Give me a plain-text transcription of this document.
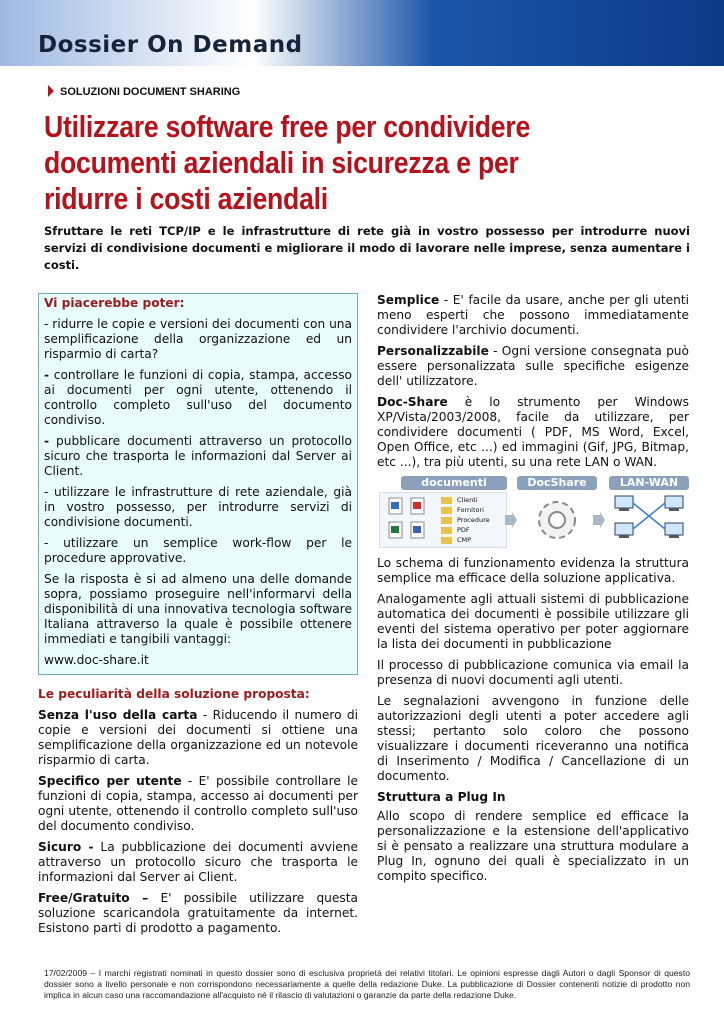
Dossier On Demand
SOLUZIONI DOCUMENT SHARING
Utilizzare software free per condividere documenti aziendali in sicurezza e per ridurre i costi aziendali

Sfruttare le reti TCP/IP e le infrastrutture di rete già in vostro possesso per introdurre nuovi servizi di condivisione documenti e migliorare il modo di lavorare nelle imprese, senza aumentare i costi.

Vi piacerebbe poter:

- ridurre le copie e versioni dei documenti con una semplificazione della organizzazione ed un risparmio di carta?

- controllare le funzioni di copia, stampa, accesso ai documenti per ogni utente, ottenendo il controllo completo sull'uso del documento condiviso.

- pubblicare documenti attraverso un protocollo sicuro che trasporta le informazioni dal Server ai Client.

- utilizzare le infrastrutture di rete aziendale, già in vostro possesso, per introdurre servizi di condivisione documenti.

- utilizzare un semplice work-flow per le procedure approvative.

Se la risposta è si ad almeno una delle domande sopra, possiamo proseguire nell'informarvi della disponibilità di una innovativa tecnologia software Italiana attraverso la quale è possibile ottenere immediati e tangibili vantaggi:

www.doc-share.it

Le peculiarità della soluzione proposta:

Senza l'uso della carta - Riducendo il numero di copie e versioni dei documenti si ottiene una semplificazione della organizzazione ed un notevole risparmio di carta.

Specifico per utente - E' possibile controllare le funzioni di copia, stampa, accesso ai documenti per ogni utente, ottenendo il controllo completo sull'uso del documento condiviso.

Sicuro - La pubblicazione dei documenti avviene attraverso un protocollo sicuro che trasporta le informazioni dal Server ai Client.

Free/Gratuito – E' possibile utilizzare questa soluzione scaricandola gratuitamente da internet. Esistono parti di prodotto a pagamento.

Semplice - E' facile da usare, anche per gli utenti meno esperti che possono immediatamente condividere l'archivio documenti.

Personalizzabile - Ogni versione consegnata può essere personalizzata sulle specifiche esigenze dell' utilizzatore.

Doc-Share è lo strumento per Windows XP/Vista/2003/2008, facile da utilizzare, per condividere documenti ( PDF, MS Word, Excel, Open Office, etc ...) ed immagini (Gif, JPG, Bitmap, etc ...), tra più utenti, su una rete LAN o WAN.

documenti	DocShare	LAN-WAN
Clienti
Fornitori
Procedure
PDF
CMP

Lo schema di funzionamento evidenza la struttura semplice ma efficace della soluzione applicativa.

Analogamente agli attuali sistemi di pubblicazione automatica dei documenti è possibile utilizzare gli eventi del sistema operativo per poter aggiornare la lista dei documenti in pubblicazione

Il processo di pubblicazione comunica via email la presenza di nuovi documenti agli utenti.

Le segnalazioni avvengono in funzione delle autorizzazioni degli utenti a poter accedere agli stessi; pertanto solo coloro che possono visualizzare i documenti riceveranno una notifica di Inserimento / Modifica / Cancellazione di un documento.

Struttura a Plug In

Allo scopo di rendere semplice ed efficace la personalizzazione e la estensione dell'applicativo si è pensato a realizzare una struttura modulare a Plug In, ognuno dei quali è specializzato in un compito specifico.

17/02/2009 – I marchi registrati nominati in questo dossier sono di esclusiva proprietà dei relativi titolari. Le opinioni espresse dagli Autori o dagli Sponsor di questo dossier sono a livello personale e non corrispondono necessariamente a quelle della redazione Duke. La pubblicazione di Dossier contenenti notizie di prodotto non implica in alcun caso una raccomandazione all'acquisto né il rilascio di valutazioni o garanzie da parte della redazione Duke.
